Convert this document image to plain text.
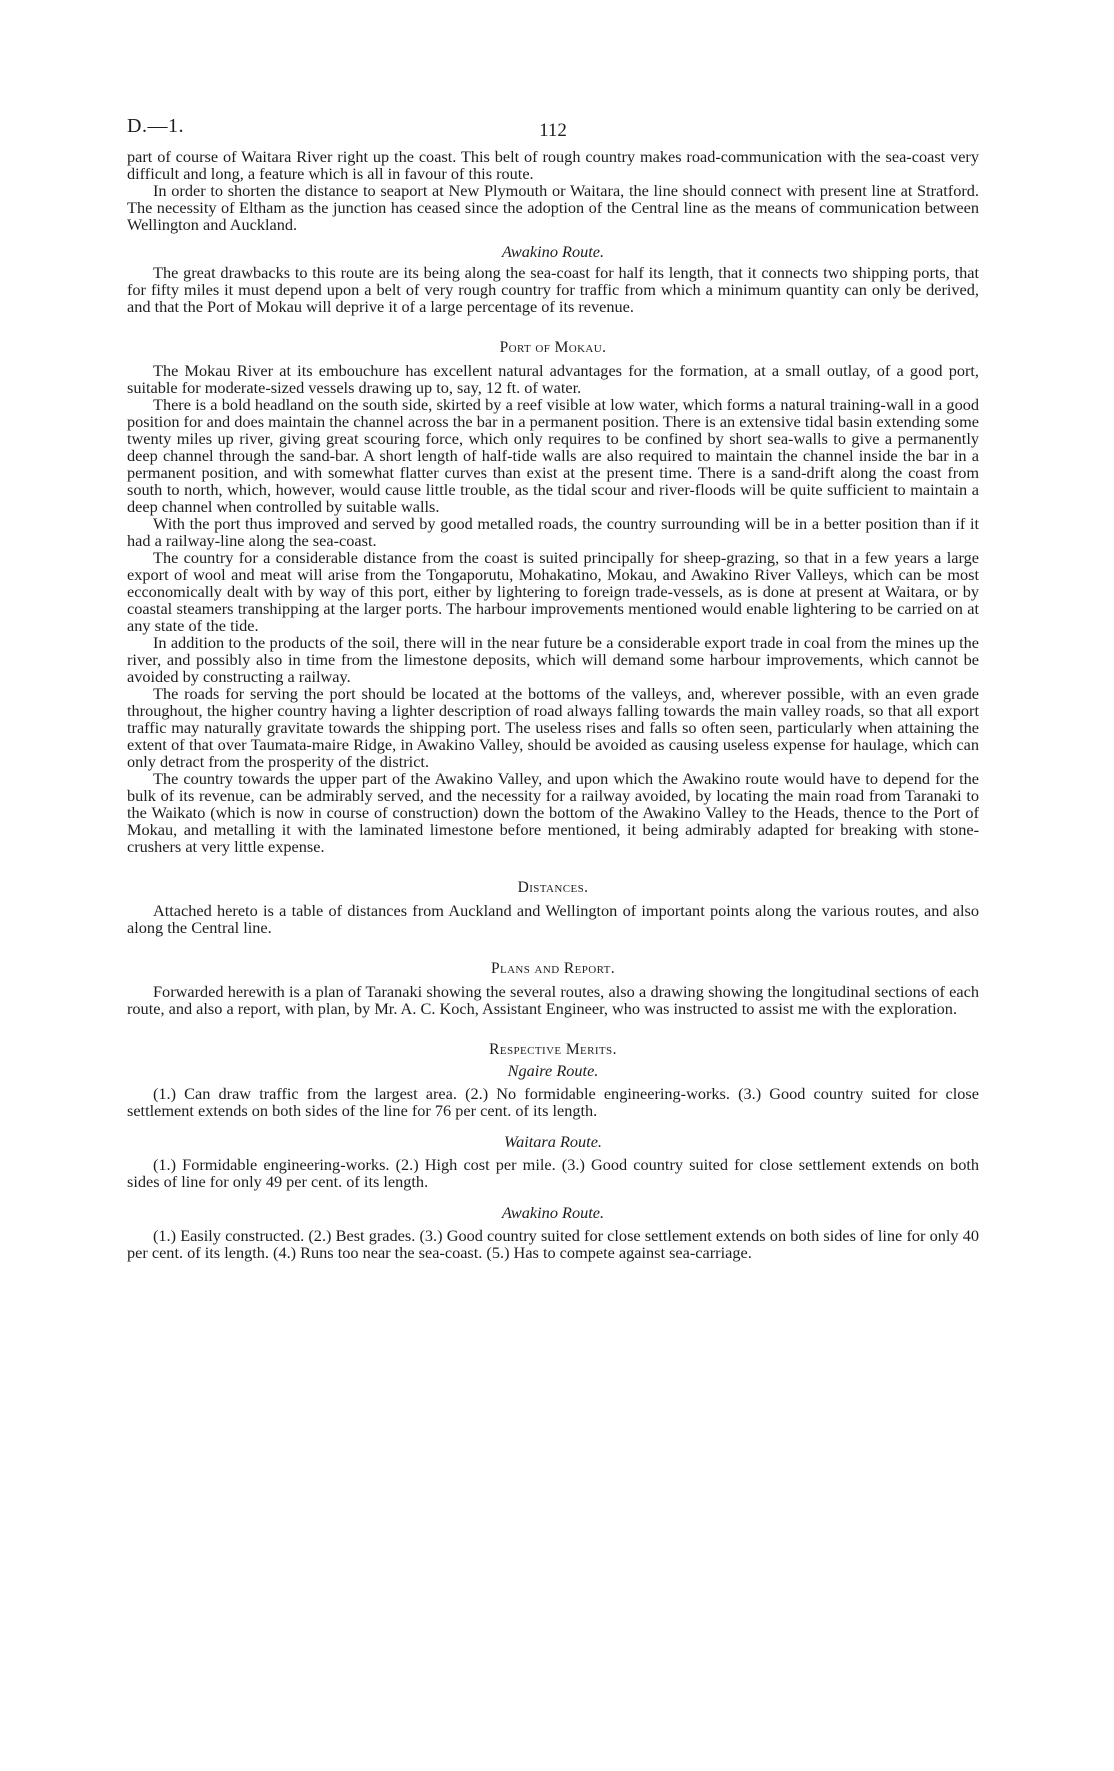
D.—1.	112

part of course of Waitara River right up the coast. This belt of rough country makes road-communication with the sea-coast very difficult and long, a feature which is all in favour of this route.

In order to shorten the distance to seaport at New Plymouth or Waitara, the line should connect with present line at Stratford. The necessity of Eltham as the junction has ceased since the adoption of the Central line as the means of communication between Wellington and Auckland.

Awakino Route.

The great drawbacks to this route are its being along the sea-coast for half its length, that it connects two shipping ports, that for fifty miles it must depend upon a belt of very rough country for traffic from which a minimum quantity can only be derived, and that the Port of Mokau will deprive it of a large percentage of its revenue.

Port of Mokau.

The Mokau River at its embouchure has excellent natural advantages for the formation, at a small outlay, of a good port, suitable for moderate-sized vessels drawing up to, say, 12 ft. of water.

There is a bold headland on the south side, skirted by a reef visible at low water, which forms a natural training-wall in a good position for and does maintain the channel across the bar in a permanent position. There is an extensive tidal basin extending some twenty miles up river, giving great scouring force, which only requires to be confined by short sea-walls to give a permanently deep channel through the sand-bar. A short length of half-tide walls are also required to maintain the channel inside the bar in a permanent position, and with somewhat flatter curves than exist at the present time. There is a sand-drift along the coast from south to north, which, however, would cause little trouble, as the tidal scour and river-floods will be quite sufficient to maintain a deep channel when controlled by suitable walls.

With the port thus improved and served by good metalled roads, the country surrounding will be in a better position than if it had a railway-line along the sea-coast.

The country for a considerable distance from the coast is suited principally for sheep-grazing, so that in a few years a large export of wool and meat will arise from the Tongaporutu, Mohakatino, Mokau, and Awakino River Valleys, which can be most ecconomically dealt with by way of this port, either by lightering to foreign trade-vessels, as is done at present at Waitara, or by coastal steamers transhipping at the larger ports. The harbour improvements mentioned would enable lightering to be carried on at any state of the tide.

In addition to the products of the soil, there will in the near future be a considerable export trade in coal from the mines up the river, and possibly also in time from the limestone deposits, which will demand some harbour improvements, which cannot be avoided by constructing a railway.

The roads for serving the port should be located at the bottoms of the valleys, and, wherever possible, with an even grade throughout, the higher country having a lighter description of road always falling towards the main valley roads, so that all export traffic may naturally gravitate towards the shipping port. The useless rises and falls so often seen, particularly when attaining the extent of that over Taumata-maire Ridge, in Awakino Valley, should be avoided as causing useless expense for haulage, which can only detract from the prosperity of the district.

The country towards the upper part of the Awakino Valley, and upon which the Awakino route would have to depend for the bulk of its revenue, can be admirably served, and the necessity for a railway avoided, by locating the main road from Taranaki to the Waikato (which is now in course of construction) down the bottom of the Awakino Valley to the Heads, thence to the Port of Mokau, and metalling it with the laminated limestone before mentioned, it being admirably adapted for breaking with stone-crushers at very little expense.

Distances.

Attached hereto is a table of distances from Auckland and Wellington of important points along the various routes, and also along the Central line.

Plans and Report.

Forwarded herewith is a plan of Taranaki showing the several routes, also a drawing showing the longitudinal sections of each route, and also a report, with plan, by Mr. A. C. Koch, Assistant Engineer, who was instructed to assist me with the exploration.

Respective Merits.

Ngaire Route.

(1.) Can draw traffic from the largest area. (2.) No formidable engineering-works. (3.) Good country suited for close settlement extends on both sides of the line for 76 per cent. of its length.

Waitara Route.

(1.) Formidable engineering-works. (2.) High cost per mile. (3.) Good country suited for close settlement extends on both sides of line for only 49 per cent. of its length.

Awakino Route.

(1.) Easily constructed. (2.) Best grades. (3.) Good country suited for close settlement extends on both sides of line for only 40 per cent. of its length. (4.) Runs too near the sea-coast. (5.) Has to compete against sea-carriage.
